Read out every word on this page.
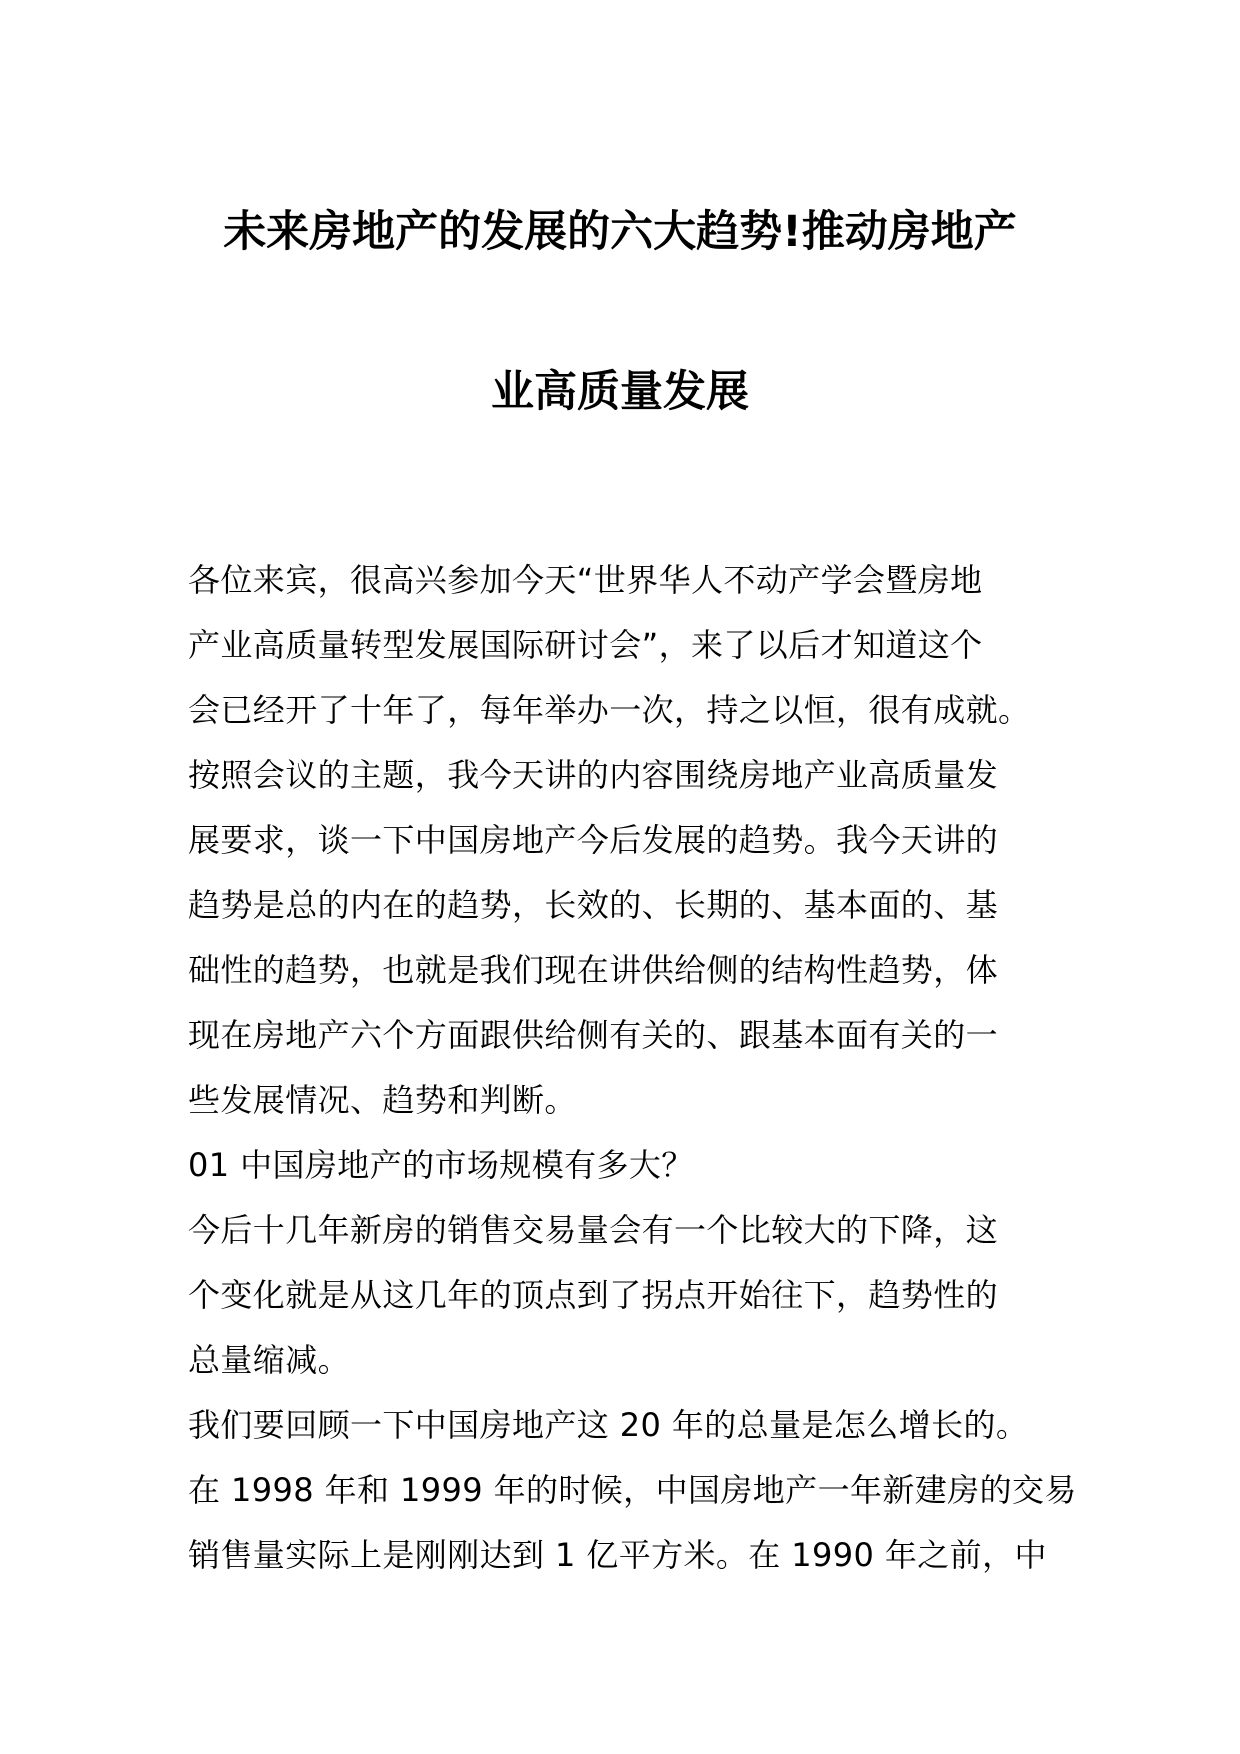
未来房地产的发展的六大趋势!推动房地产
业高质量发展
各位来宾，很高兴参加今天“世界华人不动产学会暨房地
产业高质量转型发展国际研讨会”，来了以后才知道这个
会已经开了十年了，每年举办一次，持之以恒，很有成就。
按照会议的主题，我今天讲的内容围绕房地产业高质量发
展要求，谈一下中国房地产今后发展的趋势。我今天讲的
趋势是总的内在的趋势，长效的、长期的、基本面的、基
础性的趋势，也就是我们现在讲供给侧的结构性趋势，体
现在房地产六个方面跟供给侧有关的、跟基本面有关的一
些发展情况、趋势和判断。
01 中国房地产的市场规模有多大？
今后十几年新房的销售交易量会有一个比较大的下降，这
个变化就是从这几年的顶点到了拐点开始往下，趋势性的
总量缩减。
我们要回顾一下中国房地产这 20 年的总量是怎么增长的。
在 1998 年和 1999 年的时候，中国房地产一年新建房的交易
销售量实际上是刚刚达到 1 亿平方米。在 1990 年之前，中
